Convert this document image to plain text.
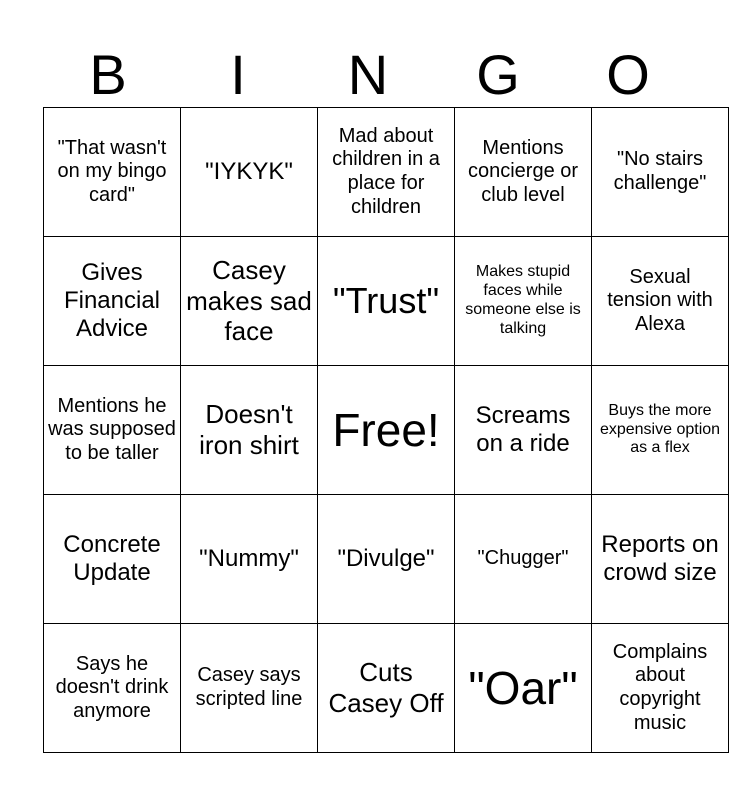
B	I	N	G	O
"That wasn't on my bingo card"	"IYKYK"	Mad about children in a place for children	Mentions concierge or club level	"No stairs challenge"
Gives Financial Advice	Casey makes sad face	"Trust"	Makes stupid faces while someone else is talking	Sexual tension with Alexa
Mentions he was supposed to be taller	Doesn't iron shirt	Free!	Screams on a ride	Buys the more expensive option as a flex
Concrete Update	"Nummy"	"Divulge"	"Chugger"	Reports on crowd size
Says he doesn't drink anymore	Casey says scripted line	Cuts Casey Off	"Oar"	Complains about copyright music
